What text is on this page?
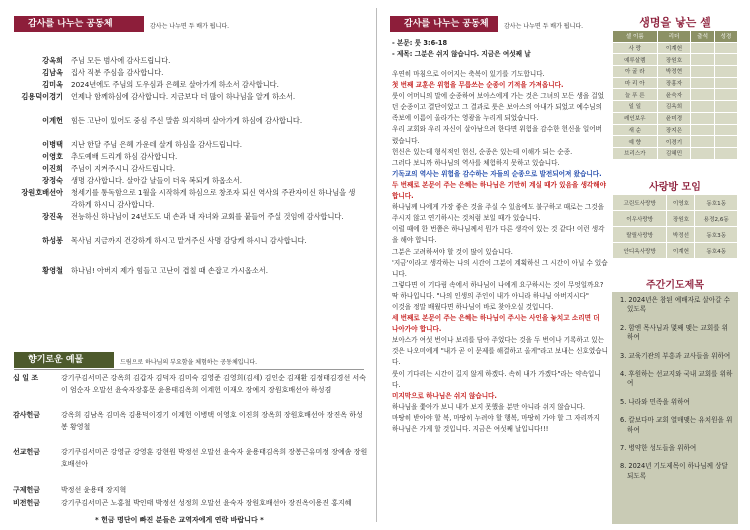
감사를 나누는 공동체	감사는 나누면 두 배가 됩니다.
강옥희	주님 모든 범사에 감사드립니다.
김남옥	집사 직분 주심을 감사합니다.
김미옥	2024년에도 주님의 도우심과 은혜로 살아가게 하소서 감사합니다.
김용덕이경기	언제나 함께하심에 감사합니다. 지금보다 더 많이 하나님을 알게 하소서.
이계헌	힘든 고난이 있어도 중심 주신 말씀 의지하며 살아가게 하심에 감사합니다.
이병택	지난 한달 주님 은혜 가운데 살게 하심을 감사드립니다.
이영호	추도예배 드리게 하심 감사합니다.
이진희	주님이 지켜주시니 감사드립니다.
장정숙	생명 감사합니다. 살아갈 날들이 더욱 복되게 하옵소서.
장원호배선아	청세기를 통독함으로 1월을 시작하게 하심으로 창조자 되신 역사의 주관자이신 하나님을 생각하게 하시니 감사합니다.
장진옥	전능하신 하나님이 24년도도 내 손과 내 자녀와 교회를 붙들어 주실 것임에 감사합니다.
하성봉	목사님 지금까지 건강하게 하시고 맡겨주신 사명 감당케 하시니 감사합니다.
황영철	하나님! 아버지 제가 힘들고 고난이 겹칠 때 손잡고 가시옵소서.
향기로운 예물	드림으로 하나님의 부요함을 체험하는 공동체입니다.
십 일 조	강기쿠김서미곤 강옥희 김갑자 김덕자 김미숙 김영준 김영희(김세) 김인순 김재환 김정태김경선 서숙이 엄순자 오말선 윤숙자장홍문 윤용태김옥희 이계헌 이재오 장예지 장원호배선아 하성겸
감사헌금	강옥희 김남옥 김미옥 김용덕이경기 이계헌 이병택 이영호 이진희 장옥희 장원호배선아 장진옥 하성봉 황영철
선교헌금	강기쿠김서미곤 강영균 강영훈 강현원 박정선 오말선 윤숙자 윤용태김옥희 장봉근유미정 장예솜 장원호배선아
구제헌금	박정선 윤용태 장지혁
비전헌금	강기쿠김서미곤 노홍철 박인태 박정선 성정희 오말선 윤숙자 장원호배선아 장진옥이용진 홍지혜
* 헌금 명단이 빠진 분들은 교역자에게 연락 바랍니다 *
감사를 나누는 공동체	감사는 나누면 두 배가 됩니다.
- 본문: 룻 3:6-18
- 제목: 그분은 쉬지 않습니다. 지금은 여섯째 날
우연히 마침으로 이어지는 축복이 있기를 기도합니다.
첫 번째 교훈은 위험을 무릅쓰는 순종이 기적을 가져옵니다.
룻이 어머니의 말에 순종하여 보아스에게 가는 것은 그녀의 모든 생을 걸었던 순종이고 결단이었고 그 결과로 룻은 보아스의 아내가 되었고 예수님의 족보에 이름이 올라가는 영광을 누리게 되었습니다.
우리 교회와 우리 자신이 살아남으려 한다면 위험을 감수한 헌신을 일어버렸습니다.
헌신은 있는데 형식적인 헌신, 순종은 있는데 이해가 되는 순종.
그러다 보니까 하나님의 역사를 체험하지 못하고 있습니다.
기독교의 역사는 위험을 감수하는 자들의 순종으로 발전되어져 왔습니다.
두 번째로 본문이 주는 은혜는 하나님은 기만히 계실 때가 있음을 생각해야 합니다.
하나님께 나에게 가장 좋은 것을 주실 수 있음에도 불구하고 때로는 그것을 주시지 않고 연기하시는 것처럼 보일 때가 있습니다.
이럴 때에 한 번쯤은 하나님께서 뭔가 다른 생각이 있는 것 같다! 이런 생각을 해야 합니다.
그분은 고려하셔야 할 것이 많이 있습니다.
'지금'이라고 생각하는 나의 시간이 그분이 계획하신 그 시간이 아닐 수 있습니다.
그렇다면 이 기다림 속에서 하나님이 나에게 요구하시는 것이 무엇일까요?
딱 하나입니다. "나의 인생의 주인이 내가 아니라 하나님 아버지시다"
이것을 정말 배웠다면 하나님이 바로 찾아오실 것입니다.
세 번째로 본문이 주는 은혜는 하나님이 주시는 사인을 놓치고 소리면 더 나아가야 합니다.
보아스가 여섯 번이나 보리를 담아 주었다는 것을 두 번이나 기록하고 있는 것은 나오미에게 "내가 곧 이 문제를 해결하고 올게"라고 보내는 신호였습니다.
룻이 기다리는 시간이 길지 않게 하겠다. 속히 내가 가겠다"라는 약속입니다.
미지막으로 하나님은 쉬지 않습니다.
하나님을 쫓아가 보니 내가 보지 못했을 분만 아니라 쉬지 않습니다.
마땅히 받아야 할 복, 마땅히 누려야 할 행복, 마땅히 가야 할 그 자리까지 하나님은 가게 할 것입니다. 지금은 여섯째 날입니다!!!
생명을 낳는 셀
셀 이름	리더	출석	성경
사 랑	이계헌		
예루살렘	장원호		
아 굴 라	박정현		
마 리 아	장홍자		
늘 푸 른	윤숙자		
일 일	김옥희		
레인보우	윤미경		
새 순	장지은		
예 향	이경기		
브리스가	김혜민		
사랑방 모임
고린도사랑방	이영호	동호1동
이우사랑방	장원호	용정2,6동
랄릴사랑방	박정선	동호3동
안디옥사랑방	이계헌	동호4동
주간기도제목
1. 2024년은 참된 예배자로 살아갈 수 있도록
2. 함엔 목사님과 몇째 맺는 교회를 위하여
3. 교육기관의 부흥과 교사들을 위하여
4. 후원하는 선교지와 국내 교회를 위하여
5. 나라와 민족을 위하여
6. 칼보다마 교회 열매맺는 유치원을 위하여
7. 병약한 성도들을 위하여
8. 2024년 기도제목이 하나님께 상달되도록
